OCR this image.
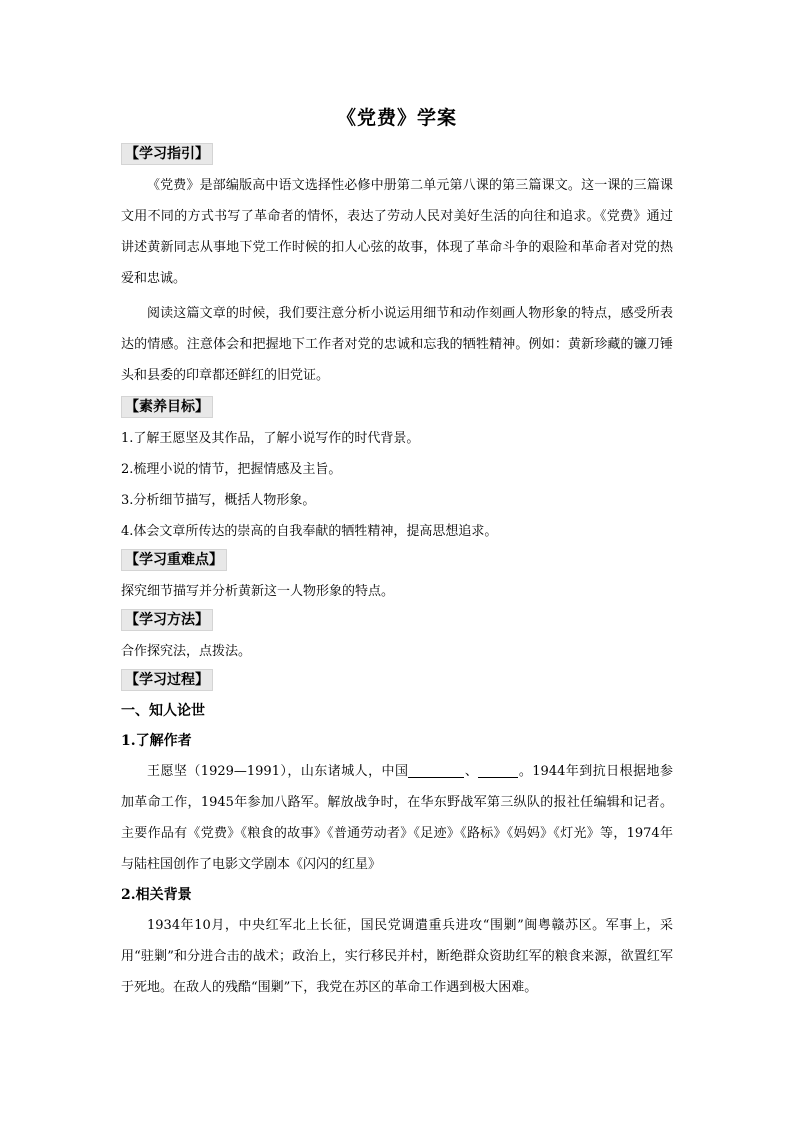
《党费》学案
【学习指引】

《党费》是部编版高中语文选择性必修中册第二单元第八课的第三篇课文。这一课的三篇课文用不同的方式书写了革命者的情怀，表达了劳动人民对美好生活的向往和追求。《党费》通过讲述黄新同志从事地下党工作时候的扣人心弦的故事，体现了革命斗争的艰险和革命者对党的热爱和忠诚。

阅读这篇文章的时候，我们要注意分析小说运用细节和动作刻画人物形象的特点，感受所表达的情感。注意体会和把握地下工作者对党的忠诚和忘我的牺牲精神。例如：黄新珍藏的镰刀锤头和县委的印章都还鲜红的旧党证。

【素养目标】

1.了解王愿坚及其作品，了解小说写作的时代背景。

2.梳理小说的情节，把握情感及主旨。

3.分析细节描写，概括人物形象。

4.体会文章所传达的崇高的自我奉献的牺牲精神，提高思想追求。

【学习重难点】

探究细节描写并分析黄新这一人物形象的特点。

【学习方法】

合作探究法，点拨法。

【学习过程】

一、知人论世

1.了解作者

王愿坚（1929—1991），山东诸城人，中国	、	。1944年到抗日根据地参加革命工作，1945年参加八路军。解放战争时，在华东野战军第三纵队的报社任编辑和记者。主要作品有《党费》《粮食的故事》《普通劳动者》《足迹》《路标》《妈妈》《灯光》等，1974年与陆柱国创作了电影文学剧本《闪闪的红星》

2.相关背景

1934年10月，中央红军北上长征，国民党调遣重兵进攻“围剿”闽粤赣苏区。军事上，采用“驻剿”和分进合击的战术；政治上，实行移民并村，断绝群众资助红军的粮食来源，欲置红军于死地。在敌人的残酷“围剿”下，我党在苏区的革命工作遇到极大困难。
